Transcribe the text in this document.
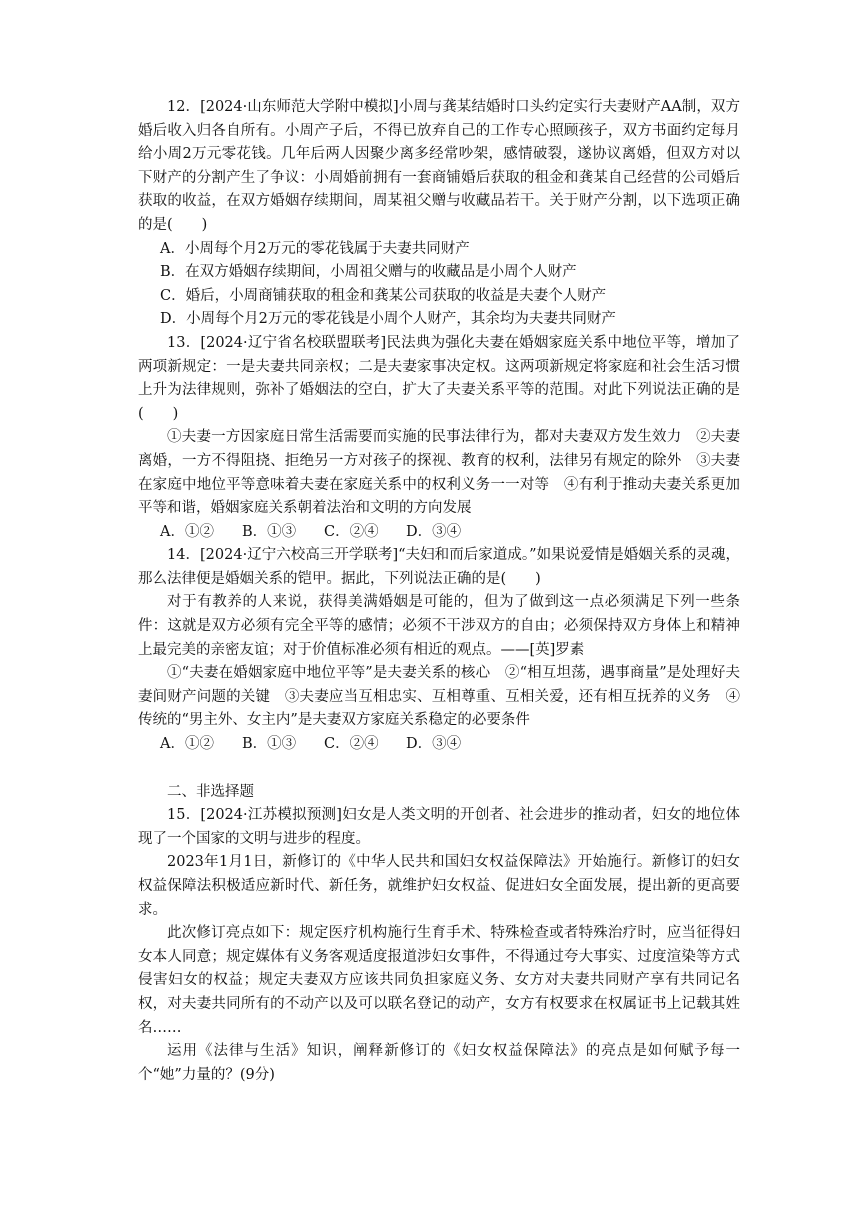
12．[2024·山东师范大学附中模拟]小周与龚某结婚时口头约定实行夫妻财产AA制，双方婚后收入归各自所有。小周产子后，不得已放弃自己的工作专心照顾孩子，双方书面约定每月给小周2万元零花钱。几年后两人因聚少离多经常吵架，感情破裂，遂协议离婚，但双方对以下财产的分割产生了争议：小周婚前拥有一套商铺婚后获取的租金和龚某自己经营的公司婚后获取的收益，在双方婚姻存续期间，周某祖父赠与收藏品若干。关于财产分割，以下选项正确的是(　　)

A．小周每个月2万元的零花钱属于夫妻共同财产

B．在双方婚姻存续期间，小周祖父赠与的收藏品是小周个人财产

C．婚后，小周商铺获取的租金和龚某公司获取的收益是夫妻个人财产

D．小周每个月2万元的零花钱是小周个人财产，其余均为夫妻共同财产

13．[2024·辽宁省名校联盟联考]民法典为强化夫妻在婚姻家庭关系中地位平等，增加了两项新规定：一是夫妻共同亲权；二是夫妻家事决定权。这两项新规定将家庭和社会生活习惯上升为法律规则，弥补了婚姻法的空白，扩大了夫妻关系平等的范围。对此下列说法正确的是(　　)

①夫妻一方因家庭日常生活需要而实施的民事法律行为，都对夫妻双方发生效力　②夫妻离婚，一方不得阻挠、拒绝另一方对孩子的探视、教育的权利，法律另有规定的除外　③夫妻在家庭中地位平等意味着夫妻在家庭关系中的权利义务一一对等　④有利于推动夫妻关系更加平等和谐，婚姻家庭关系朝着法治和文明的方向发展

A．①②	B．①③	C．②④	D．③④

14．[2024·辽宁六校高三开学联考]“夫妇和而后家道成。”如果说爱情是婚姻关系的灵魂，那么法律便是婚姻关系的铠甲。据此，下列说法正确的是(　　)

对于有教养的人来说，获得美满婚姻是可能的，但为了做到这一点必须满足下列一些条件：这就是双方必须有完全平等的感情；必须不干涉双方的自由；必须保持双方身体上和精神上最完美的亲密友谊；对于价值标准必须有相近的观点。——[英]罗素

①“夫妻在婚姻家庭中地位平等”是夫妻关系的核心　②“相互坦荡，遇事商量”是处理好夫妻间财产问题的关键　③夫妻应当互相忠实、互相尊重、互相关爱，还有相互抚养的义务　④传统的“男主外、女主内”是夫妻双方家庭关系稳定的必要条件

A．①②	B．①③	C．②④	D．③④

二、非选择题

15．[2024·江苏模拟预测]妇女是人类文明的开创者、社会进步的推动者，妇女的地位体现了一个国家的文明与进步的程度。

2023年1月1日，新修订的《中华人民共和国妇女权益保障法》开始施行。新修订的妇女权益保障法积极适应新时代、新任务，就维护妇女权益、促进妇女全面发展，提出新的更高要求。

此次修订亮点如下：规定医疗机构施行生育手术、特殊检查或者特殊治疗时，应当征得妇女本人同意；规定媒体有义务客观适度报道涉妇女事件，不得通过夸大事实、过度渲染等方式侵害妇女的权益；规定夫妻双方应该共同负担家庭义务、女方对夫妻共同财产享有共同记名权，对夫妻共同所有的不动产以及可以联名登记的动产，女方有权要求在权属证书上记载其姓名……

运用《法律与生活》知识，阐释新修订的《妇女权益保障法》的亮点是如何赋予每一个“她”力量的？(9分)
